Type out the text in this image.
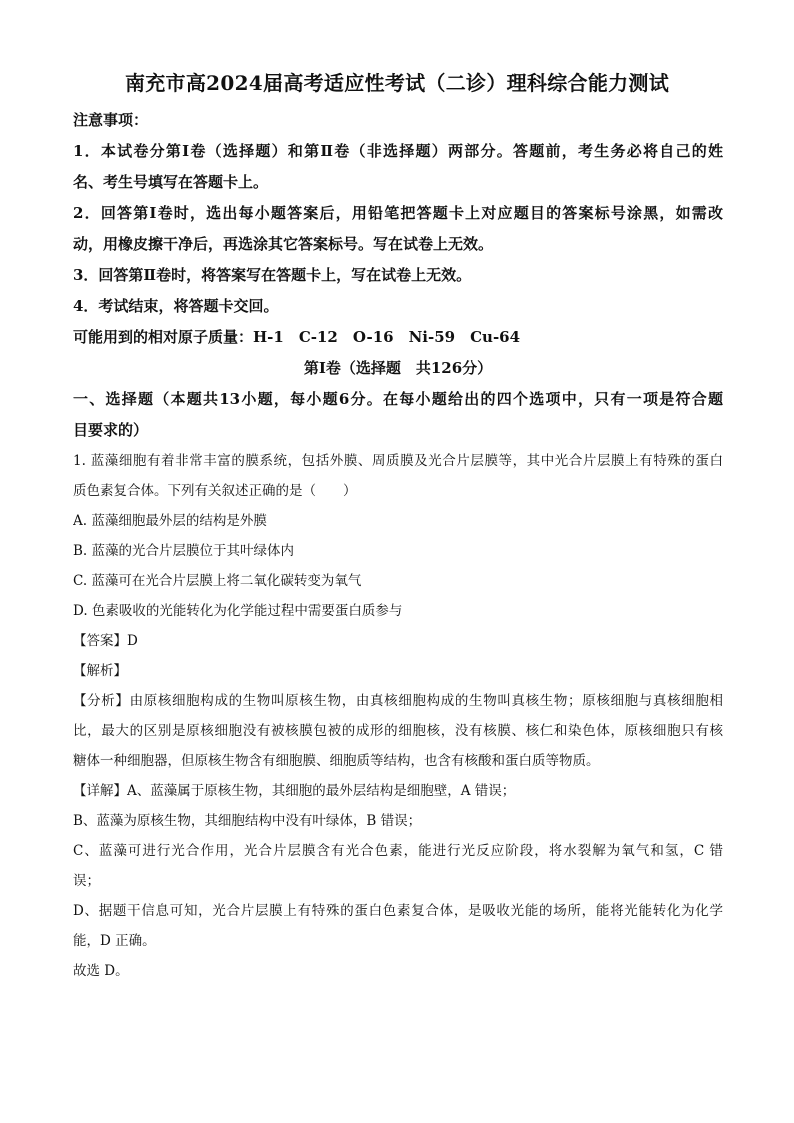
南充市高2024届高考适应性考试（二诊）理科综合能力测试
注意事项：
1．本试卷分第Ⅰ卷（选择题）和第Ⅱ卷（非选择题）两部分。答题前，考生务必将自己的姓
名、考生号填写在答题卡上。
2．回答第Ⅰ卷时，选出每小题答案后，用铅笔把答题卡上对应题目的答案标号涂黑，如需改
动，用橡皮擦干净后，再选涂其它答案标号。写在试卷上无效。
3．回答第Ⅱ卷时，将答案写在答题卡上，写在试卷上无效。
4．考试结束，将答题卡交回。
可能用到的相对原子质量：H-1　C-12　O-16　Ni-59　Cu-64
第Ⅰ卷（选择题　共126分）
一、选择题（本题共13小题，每小题6分。在每小题给出的四个选项中，只有一项是符合题
目要求的）
1. 蓝藻细胞有着非常丰富的膜系统，包括外膜、周质膜及光合片层膜等，其中光合片层膜上有特殊的蛋白
质色素复合体。下列有关叙述正确的是（　　）
A. 蓝藻细胞最外层的结构是外膜
B. 蓝藻的光合片层膜位于其叶绿体内
C. 蓝藻可在光合片层膜上将二氧化碳转变为氧气
D. 色素吸收的光能转化为化学能过程中需要蛋白质参与
【答案】D
【解析】
【分析】由原核细胞构成的生物叫原核生物，由真核细胞构成的生物叫真核生物；原核细胞与真核细胞相
比，最大的区别是原核细胞没有被核膜包被的成形的细胞核，没有核膜、核仁和染色体，原核细胞只有核
糖体一种细胞器，但原核生物含有细胞膜、细胞质等结构，也含有核酸和蛋白质等物质。
【详解】A、蓝藻属于原核生物，其细胞的最外层结构是细胞壁，A 错误；
B、蓝藻为原核生物，其细胞结构中没有叶绿体，B 错误；
C、蓝藻可进行光合作用，光合片层膜含有光合色素，能进行光反应阶段，将水裂解为氧气和氢，C 错
误；
D、据题干信息可知，光合片层膜上有特殊的蛋白色素复合体，是吸收光能的场所，能将光能转化为化学
能，D 正确。
故选 D。
